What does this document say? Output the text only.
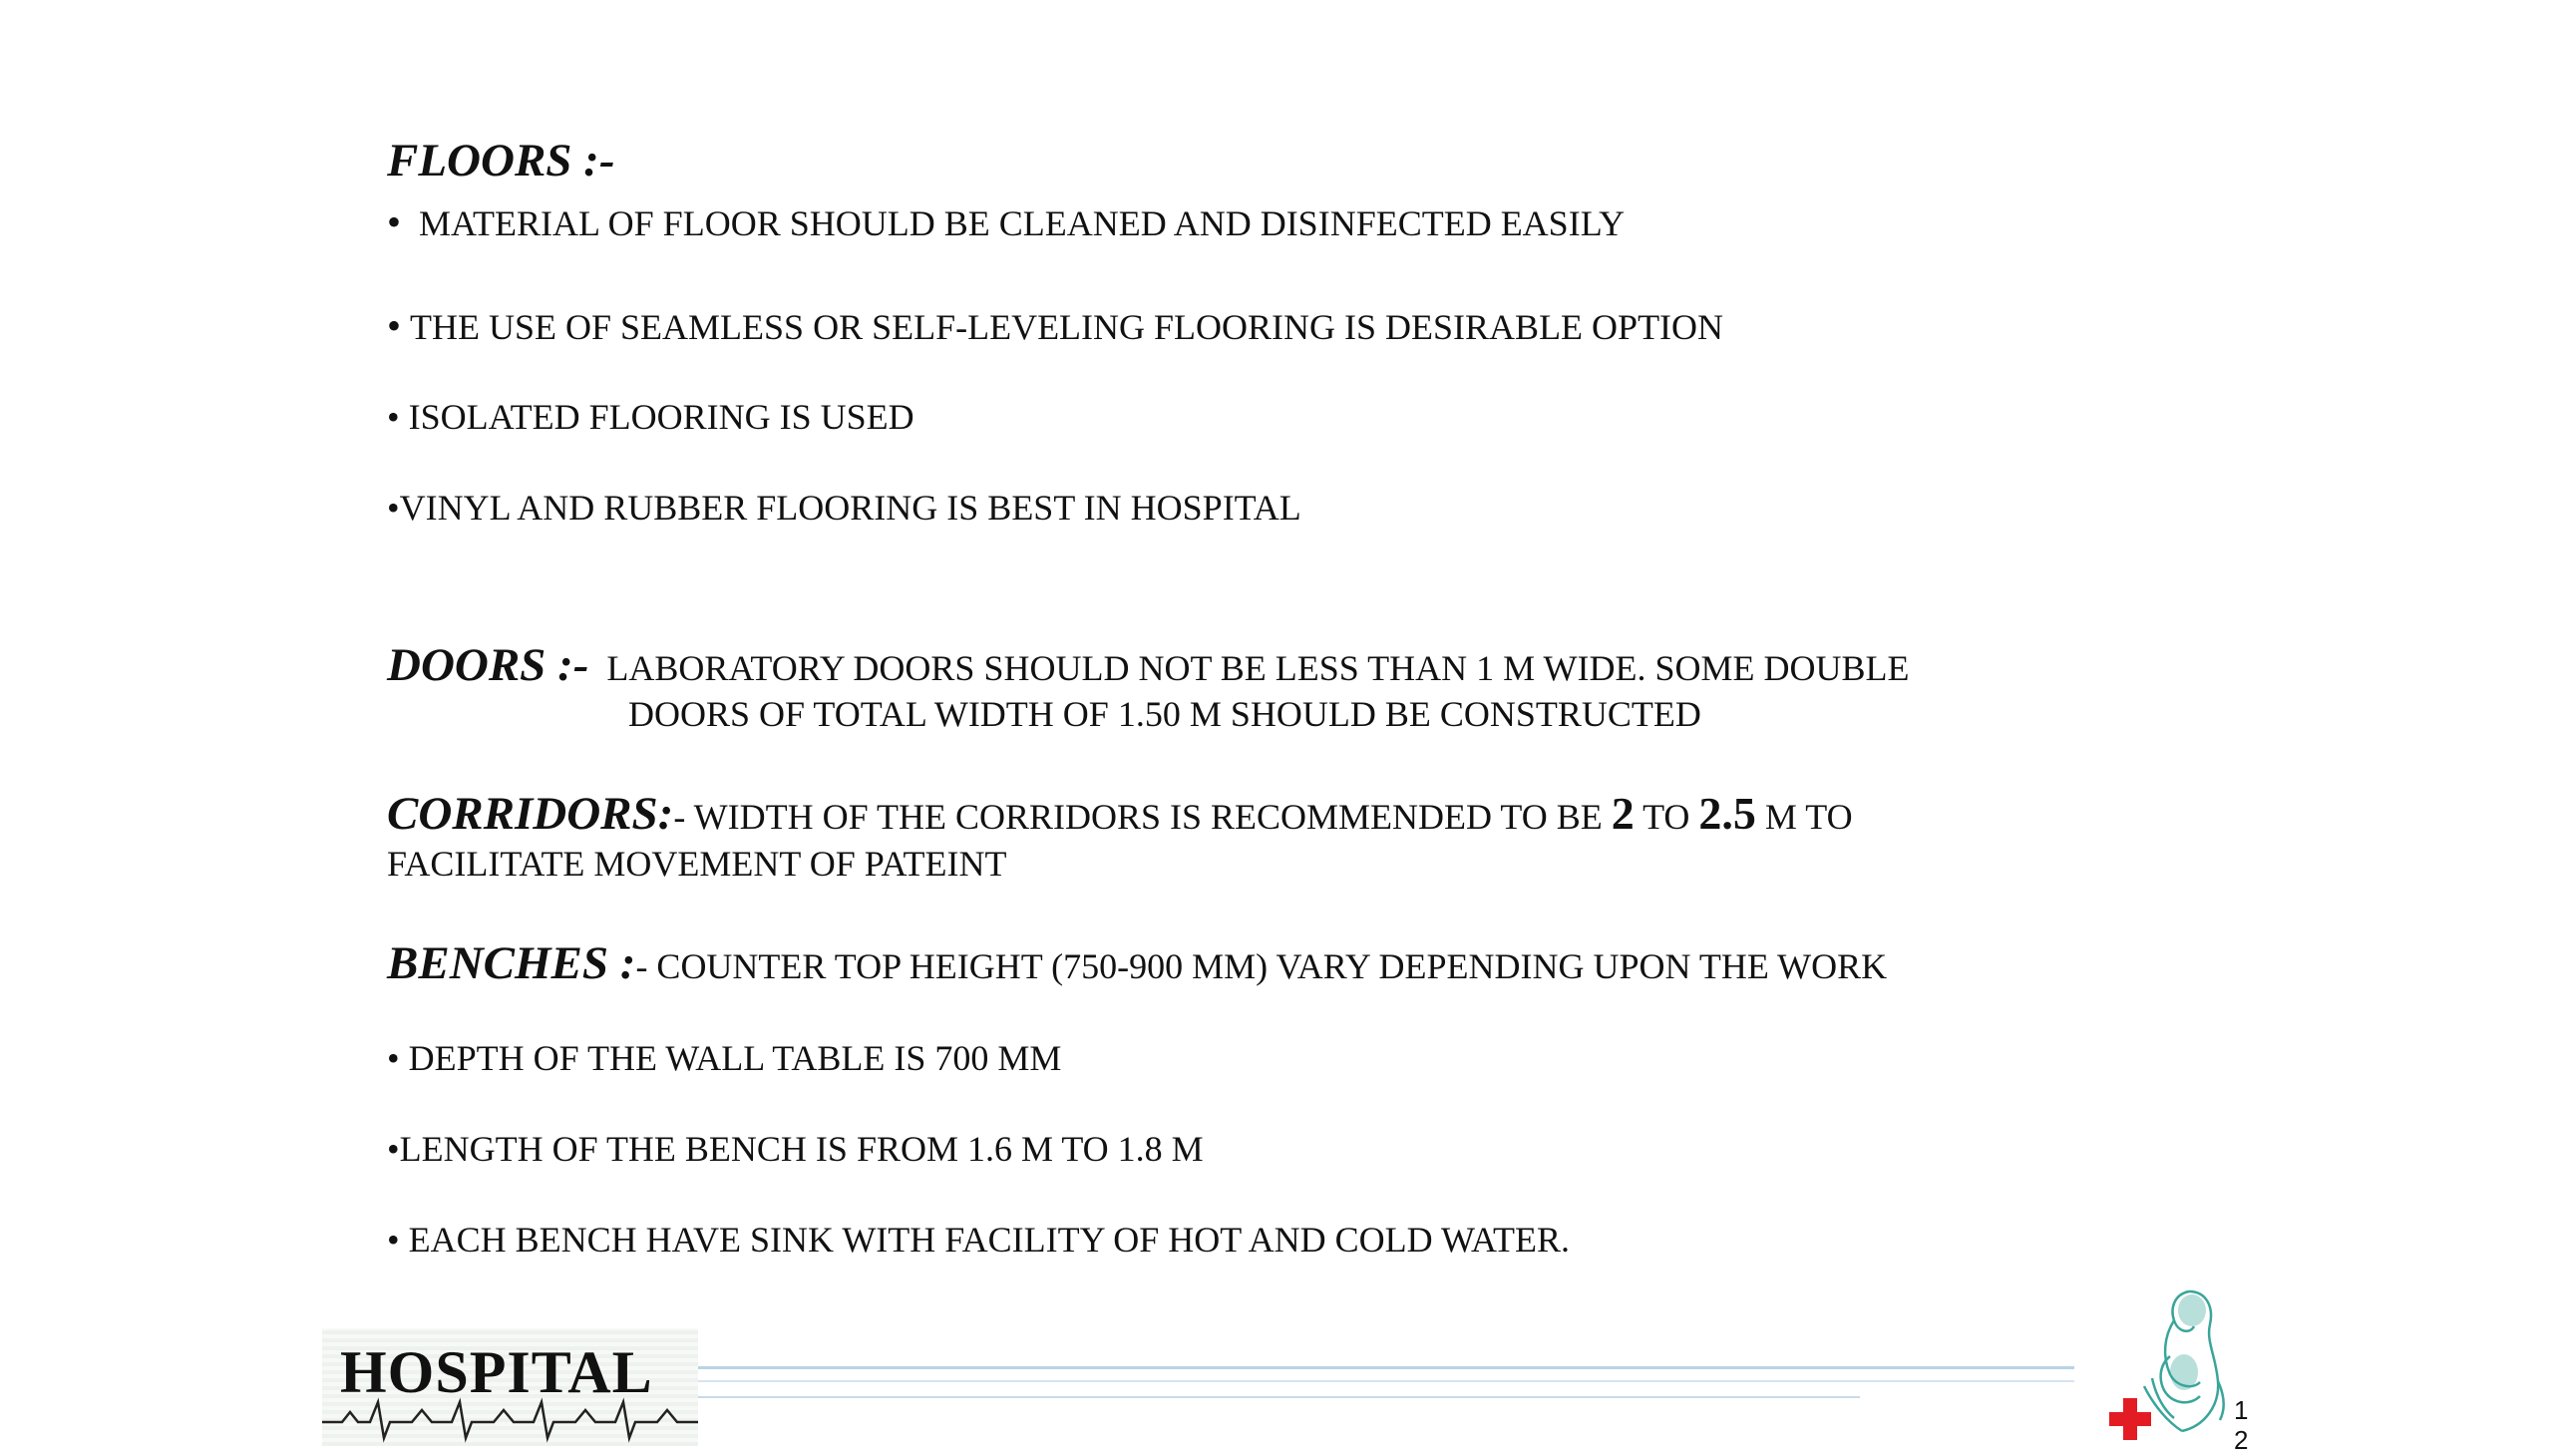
FLOORS :-
• MATERIAL OF FLOOR SHOULD BE CLEANED AND DISINFECTED EASILY
• THE USE OF SEAMLESS OR SELF-LEVELING FLOORING IS DESIRABLE OPTION
• ISOLATED FLOORING IS USED
•VINYL AND RUBBER FLOORING IS BEST IN HOSPITAL
DOORS :- LABORATORY DOORS SHOULD NOT BE LESS THAN 1 M WIDE. SOME DOUBLE
DOORS OF TOTAL WIDTH OF 1.50 M SHOULD BE CONSTRUCTED
CORRIDORS:- WIDTH OF THE CORRIDORS IS RECOMMENDED TO BE 2 TO 2.5 M TO
FACILITATE MOVEMENT OF PATEINT
BENCHES :- COUNTER TOP HEIGHT (750-900 MM) VARY DEPENDING UPON THE WORK
• DEPTH OF THE WALL TABLE IS 700 MM
•LENGTH OF THE BENCH IS FROM 1.6 M TO 1.8 M
• EACH BENCH HAVE SINK WITH FACILITY OF HOT AND COLD WATER.
HOSPITAL
1
2
